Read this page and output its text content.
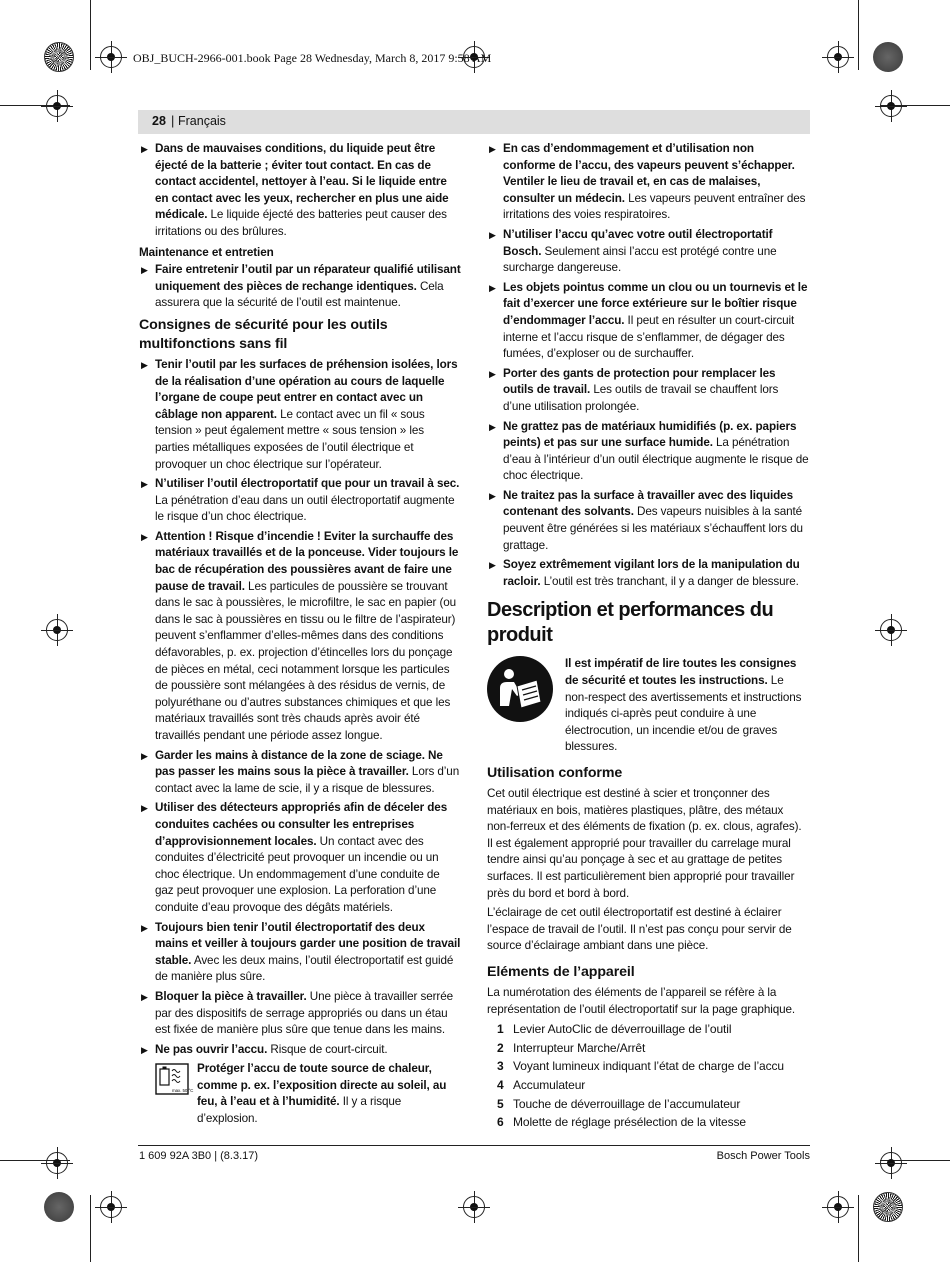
OBJ_BUCH-2966-001.book Page 28 Wednesday, March 8, 2017 9:58 AM
28 | Français
▶ Dans de mauvaises conditions, du liquide peut être éjecté de la batterie ; éviter tout contact. En cas de contact accidentel, nettoyer à l’eau. Si le liquide entre en contact avec les yeux, rechercher en plus une aide médicale. Le liquide éjecté des batteries peut causer des irritations ou des brûlures.
Maintenance et entretien
▶ Faire entretenir l’outil par un réparateur qualifié utilisant uniquement des pièces de rechange identiques. Cela assurera que la sécurité de l’outil est maintenue.
Consignes de sécurité pour les outils multifonctions sans fil
▶ Tenir l’outil par les surfaces de préhension isolées, lors de la réalisation d’une opération au cours de laquelle l’organe de coupe peut entrer en contact avec un câblage non apparent. Le contact avec un fil « sous tension » peut également mettre « sous tension » les parties métalliques exposées de l’outil électrique et provoquer un choc électrique sur l’opérateur.
▶ N’utiliser l’outil électroportatif que pour un travail à sec. La pénétration d’eau dans un outil électroportatif augmente le risque d’un choc électrique.
▶ Attention ! Risque d’incendie ! Eviter la surchauffe des matériaux travaillés et de la ponceuse. Vider toujours le bac de récupération des poussières avant de faire une pause de travail. Les particules de poussière se trouvant dans le sac à poussières, le microfiltre, le sac en papier (ou dans le sac à poussières en tissu ou le filtre de l’aspirateur) peuvent s’enflammer d’elles-mêmes dans des conditions défavorables, p. ex. projection d’étincelles lors du ponçage de pièces en métal, ceci notamment lorsque les particules de poussière sont mélangées à des résidus de vernis, de polyuréthane ou d’autres substances chimiques et que les matériaux travaillés sont très chauds après avoir été travaillés pendant une période assez longue.
▶ Garder les mains à distance de la zone de sciage. Ne pas passer les mains sous la pièce à travailler. Lors d’un contact avec la lame de scie, il y a risque de blessures.
▶ Utiliser des détecteurs appropriés afin de déceler des conduites cachées ou consulter les entreprises d’approvisionnement locales. Un contact avec des conduites d’électricité peut provoquer un incendie ou un choc électrique. Un endommagement d’une conduite de gaz peut provoquer une explosion. La perforation d’une conduite d’eau provoque des dégâts matériels.
▶ Toujours bien tenir l’outil électroportatif des deux mains et veiller à toujours garder une position de travail stable. Avec les deux mains, l’outil électroportatif est guidé de manière plus sûre.
▶ Bloquer la pièce à travailler. Une pièce à travailler serrée par des dispositifs de serrage appropriés ou dans un étau est fixée de manière plus sûre que tenue dans les mains.
▶ Ne pas ouvrir l’accu. Risque de court-circuit.
max. 50 °C
Protéger l’accu de toute source de chaleur, comme p. ex. l’exposition directe au soleil, au feu, à l’eau et à l’humidité. Il y a risque d’explosion.
▶ En cas d’endommagement et d’utilisation non conforme de l’accu, des vapeurs peuvent s’échapper. Ventiler le lieu de travail et, en cas de malaises, consulter un médecin. Les vapeurs peuvent entraîner des irritations des voies respiratoires.
▶ N’utiliser l’accu qu’avec votre outil électroportatif Bosch. Seulement ainsi l’accu est protégé contre une surcharge dangereuse.
▶ Les objets pointus comme un clou ou un tournevis et le fait d’exercer une force extérieure sur le boîtier risque d’endommager l’accu. Il peut en résulter un court-circuit interne et l’accu risque de s’enflammer, de dégager des fumées, d’exploser ou de surchauffer.
▶ Porter des gants de protection pour remplacer les outils de travail. Les outils de travail se chauffent lors d’une utilisation prolongée.
▶ Ne grattez pas de matériaux humidifiés (p. ex. papiers peints) et pas sur une surface humide. La pénétration d’eau à l’intérieur d’un outil électrique augmente le risque de choc électrique.
▶ Ne traitez pas la surface à travailler avec des liquides contenant des solvants. Des vapeurs nuisibles à la santé peuvent être générées si les matériaux s’échauffent lors du grattage.
▶ Soyez extrêmement vigilant lors de la manipulation du racloir. L’outil est très tranchant, il y a danger de blessure.
Description et performances du produit
Il est impératif de lire toutes les consignes de sécurité et toutes les instructions. Le non-respect des avertissements et instructions indiqués ci-après peut conduire à une électrocution, un incendie et/ou de graves blessures.
Utilisation conforme

Cet outil électrique est destiné à scier et tronçonner des matériaux en bois, matières plastiques, plâtre, des métaux non-ferreux et des éléments de fixation (p. ex. clous, agrafes). Il est également approprié pour travailler du carrelage mural tendre ainsi qu’au ponçage à sec et au grattage de petites surfaces. Il est particulièrement bien approprié pour travailler près du bord et bord à bord.

L’éclairage de cet outil électroportatif est destiné à éclairer l’espace de travail de l’outil. Il n’est pas conçu pour servir de source d’éclairage ambiant dans une pièce.

Eléments de l’appareil

La numérotation des éléments de l’appareil se réfère à la représentation de l’outil électroportatif sur la page graphique.

1 Levier AutoClic de déverrouillage de l’outil
2 Interrupteur Marche/Arrêt
3 Voyant lumineux indiquant l’état de charge de l’accu
4 Accumulateur
5 Touche de déverrouillage de l’accumulateur
6 Molette de réglage présélection de la vitesse
1 609 92A 3B0 | (8.3.17)	Bosch Power Tools
